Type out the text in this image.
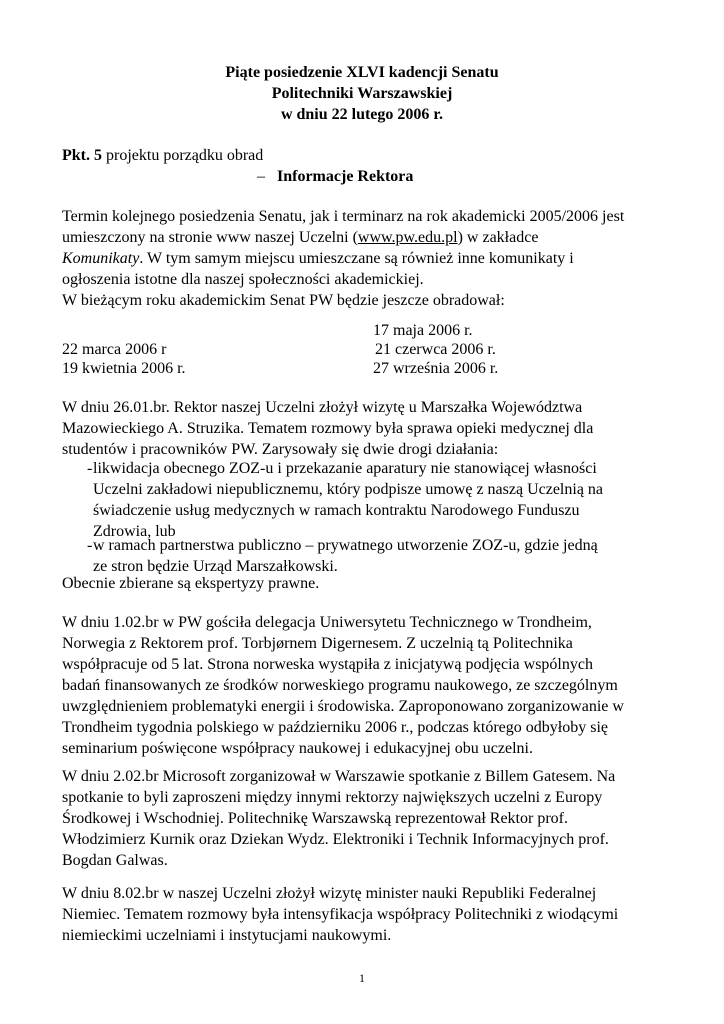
Piąte posiedzenie XLVI kadencji Senatu
Politechniki Warszawskiej
w dniu 22 lutego 2006 r.
Pkt. 5 projektu porządku obrad
– Informacje Rektora
Termin kolejnego posiedzenia Senatu, jak i terminarz na rok akademicki 2005/2006 jest
umieszczony na stronie www naszej Uczelni (www.pw.edu.pl) w zakładce
Komunikaty. W tym samym miejscu umieszczane są również inne komunikaty i
ogłoszenia istotne dla naszej społeczności akademickiej.
W bieżącym roku akademickim Senat PW będzie jeszcze obradował:
17 maja 2006 r.
22 marca 2006 r	21 czerwca 2006 r.
19 kwietnia 2006 r.	27 września 2006 r.
W dniu 26.01.br. Rektor naszej Uczelni złożył wizytę u Marszałka Województwa
Mazowieckiego A. Struzika. Tematem rozmowy była sprawa opieki medycznej dla
studentów i pracowników PW. Zarysowały się dwie drogi działania:
- likwidacja obecnego ZOZ-u i przekazanie aparatury nie stanowiącej własności
Uczelni zakładowi niepublicznemu, który podpisze umowę z naszą Uczelnią na
świadczenie usług medycznych w ramach kontraktu Narodowego Funduszu
Zdrowia, lub
- w ramach partnerstwa publiczno – prywatnego utworzenie ZOZ-u, gdzie jedną
ze stron będzie Urząd Marszałkowski.
Obecnie zbierane są ekspertyzy prawne.
W dniu 1.02.br w PW gościła delegacja Uniwersytetu Technicznego w Trondheim,
Norwegia z Rektorem prof. Torbjørnem Digernesem. Z uczelnią tą Politechnika
współpracuje od 5 lat. Strona norweska wystąpiła z inicjatywą podjęcia wspólnych
badań finansowanych ze środków norweskiego programu naukowego, ze szczególnym
uwzględnieniem problematyki energii i środowiska. Zaproponowano zorganizowanie w
Trondheim tygodnia polskiego w październiku 2006 r., podczas którego odbyłoby się
seminarium poświęcone współpracy naukowej i edukacyjnej obu uczelni.
W dniu 2.02.br Microsoft zorganizował w Warszawie spotkanie z Billem Gatesem. Na
spotkanie to byli zaproszeni między innymi rektorzy największych uczelni z Europy
Środkowej i Wschodniej. Politechnikę Warszawską reprezentował Rektor prof.
Włodzimierz Kurnik oraz Dziekan Wydz. Elektroniki i Technik Informacyjnych prof.
Bogdan Galwas.
W dniu 8.02.br w naszej Uczelni złożył wizytę minister nauki Republiki Federalnej
Niemiec. Tematem rozmowy była intensyfikacja współpracy Politechniki z wiodącymi
niemieckimi uczelniami i instytucjami naukowymi.
1
